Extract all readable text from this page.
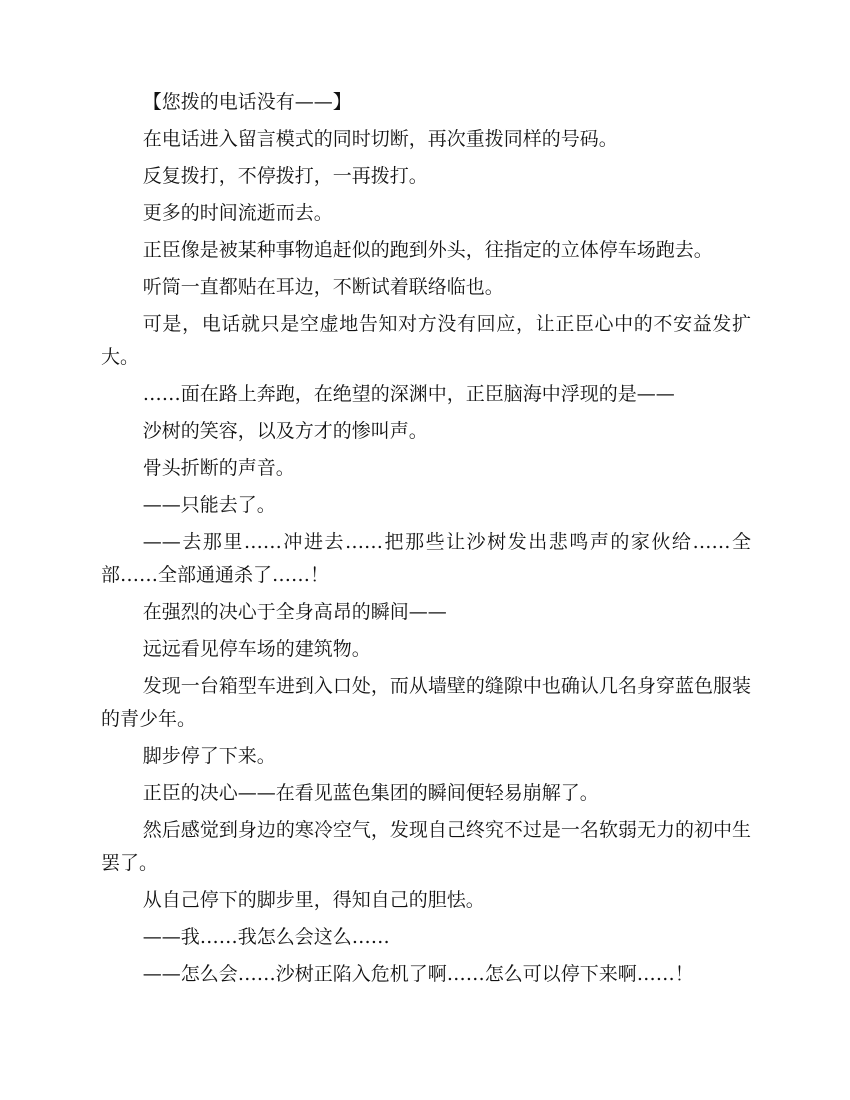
【您拨的电话没有——】

在电话进入留言模式的同时切断，再次重拨同样的号码。

反复拨打，不停拨打，一再拨打。

更多的时间流逝而去。

正臣像是被某种事物追赶似的跑到外头，往指定的立体停车场跑去。

听筒一直都贴在耳边，不断试着联络临也。

可是，电话就只是空虚地告知对方没有回应，让正臣心中的不安益发扩大。

……面在路上奔跑，在绝望的深渊中，正臣脑海中浮现的是——

沙树的笑容，以及方才的惨叫声。

骨头折断的声音。

——只能去了。

——去那里……冲进去……把那些让沙树发出悲鸣声的家伙给……全部……全部通通杀了……！

在强烈的决心于全身高昂的瞬间——

远远看见停车场的建筑物。

发现一台箱型车进到入口处，而从墙壁的缝隙中也确认几名身穿蓝色服装的青少年。

脚步停了下来。

正臣的决心——在看见蓝色集团的瞬间便轻易崩解了。

然后感觉到身边的寒冷空气，发现自己终究不过是一名软弱无力的初中生罢了。

从自己停下的脚步里，得知自己的胆怯。

——我……我怎么会这么……

——怎么会……沙树正陷入危机了啊……怎么可以停下来啊……！
